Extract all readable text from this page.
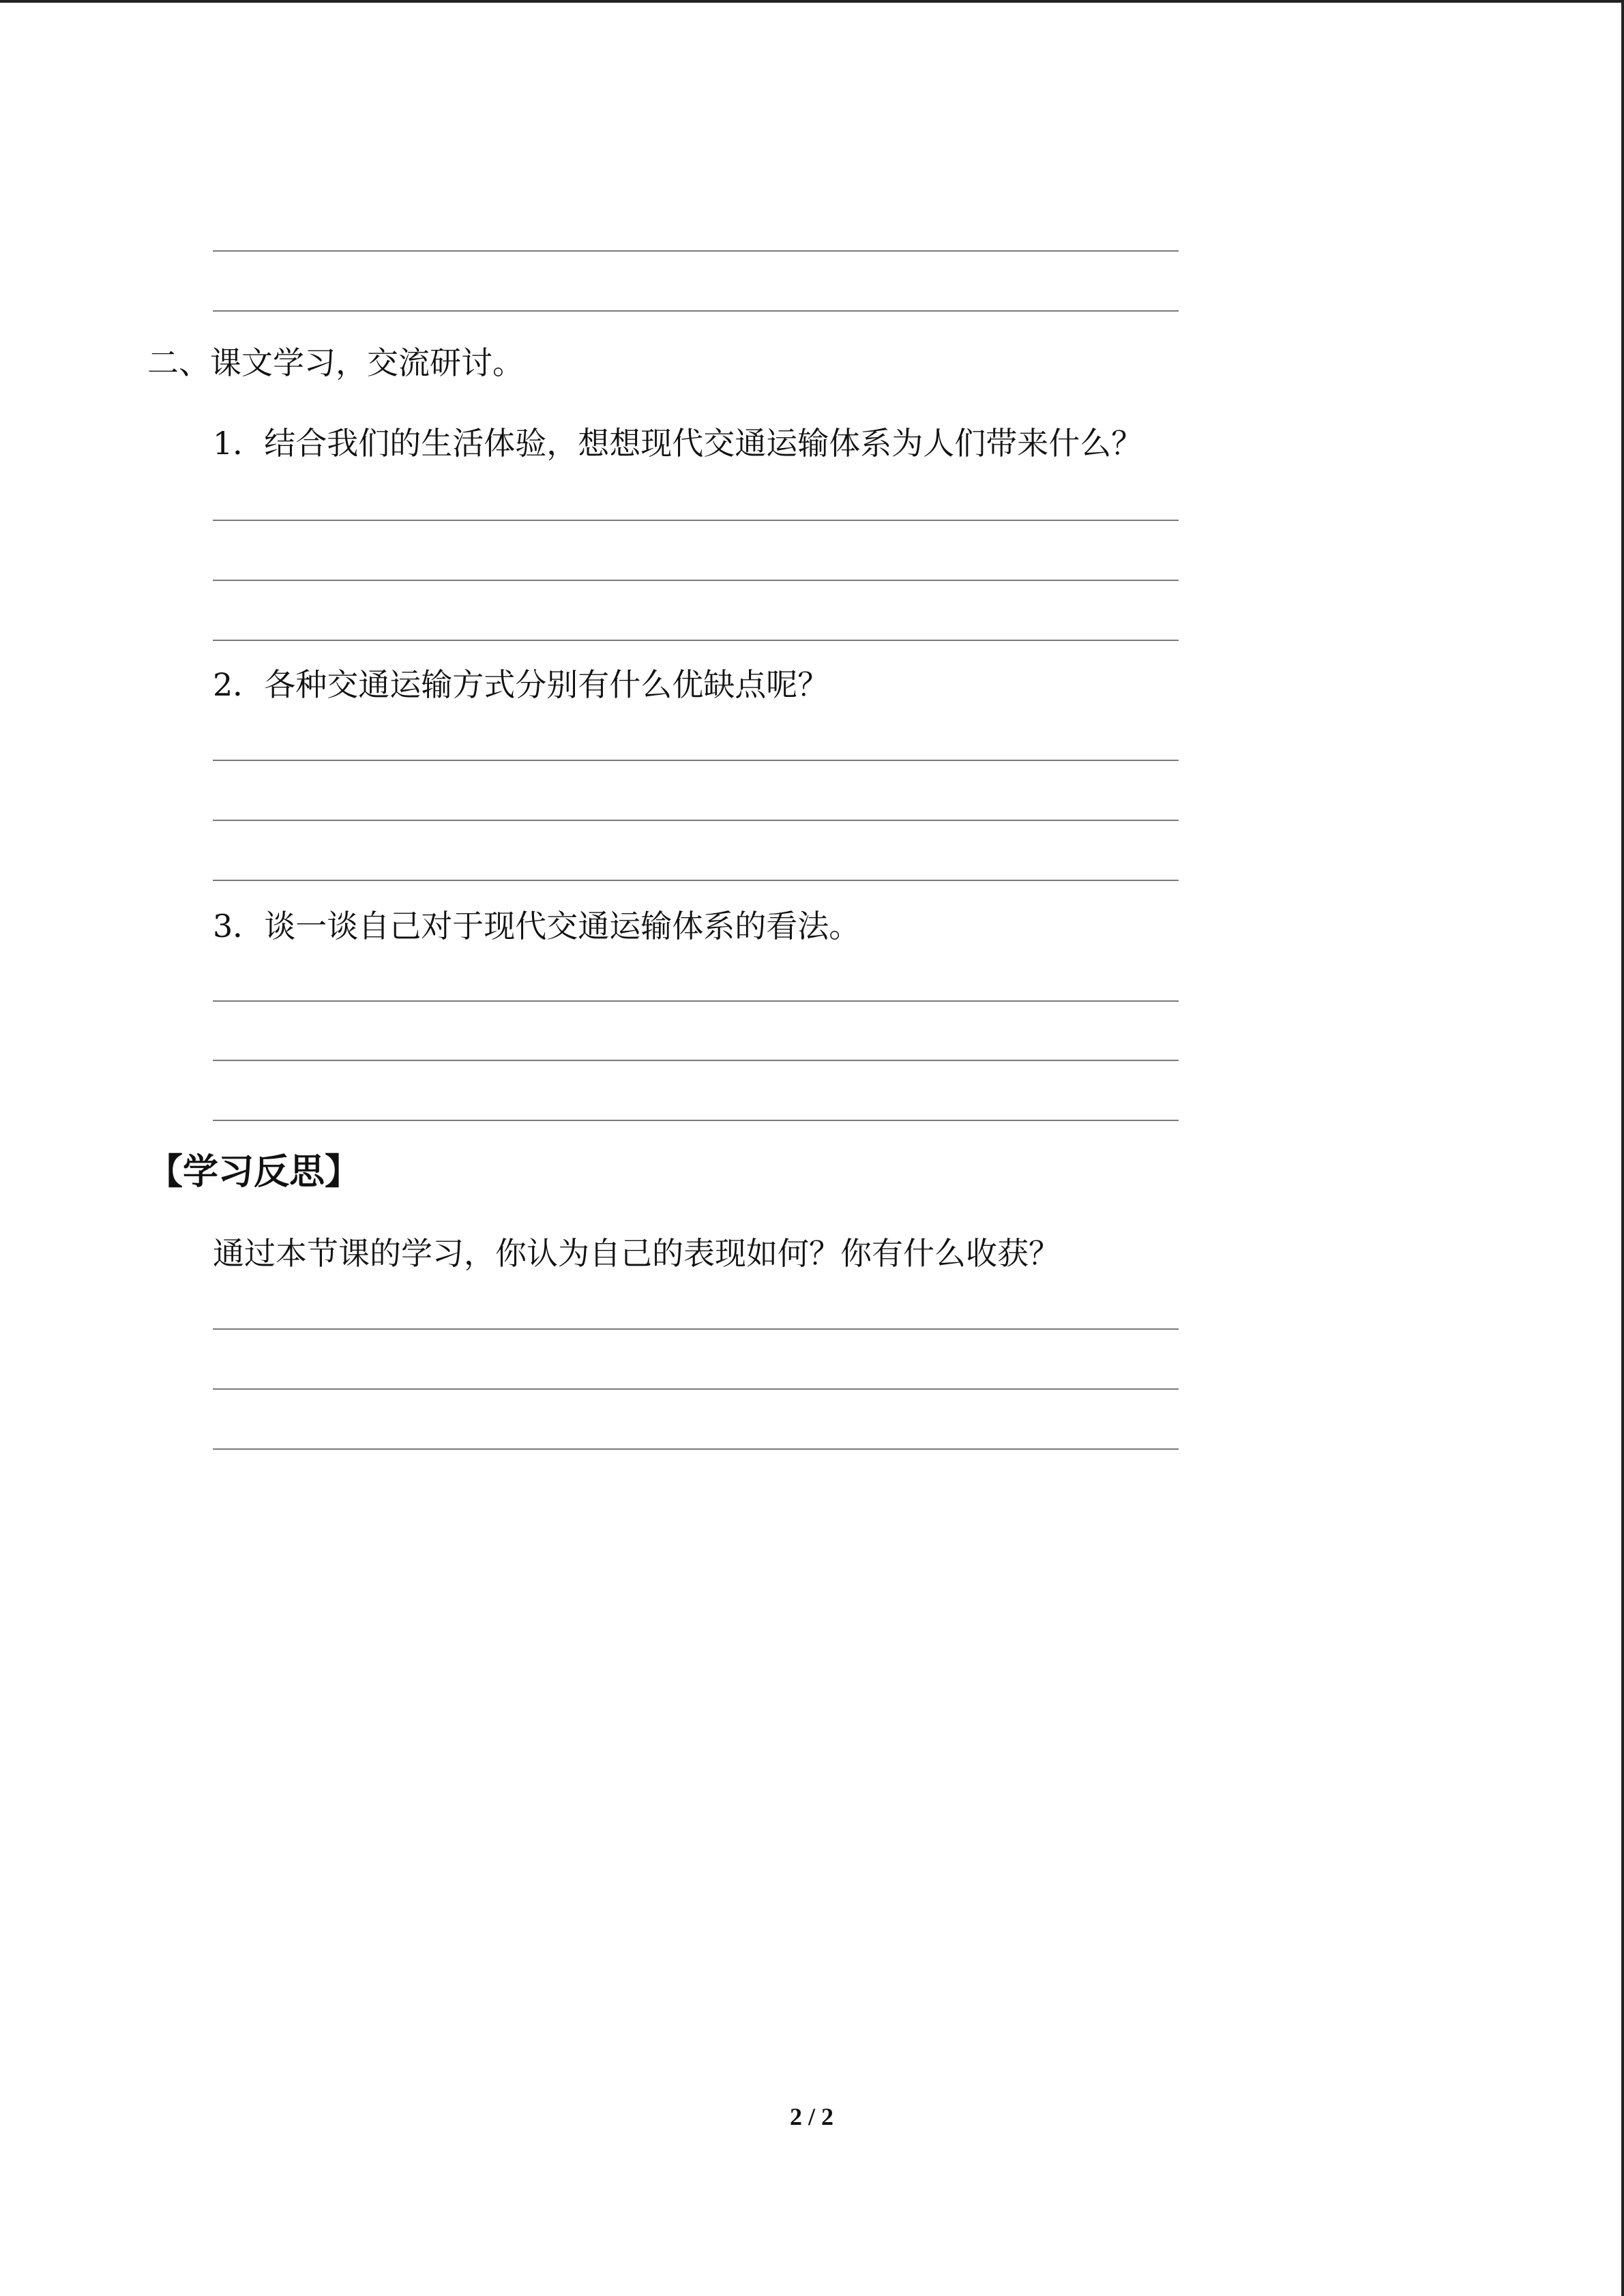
二、课文学习，交流研讨。
1．结合我们的生活体验，想想现代交通运输体系为人们带来什么？
2．各种交通运输方式分别有什么优缺点呢？
3．谈一谈自己对于现代交通运输体系的看法。
【学习反思】
通过本节课的学习，你认为自己的表现如何？你有什么收获？
2 / 2
